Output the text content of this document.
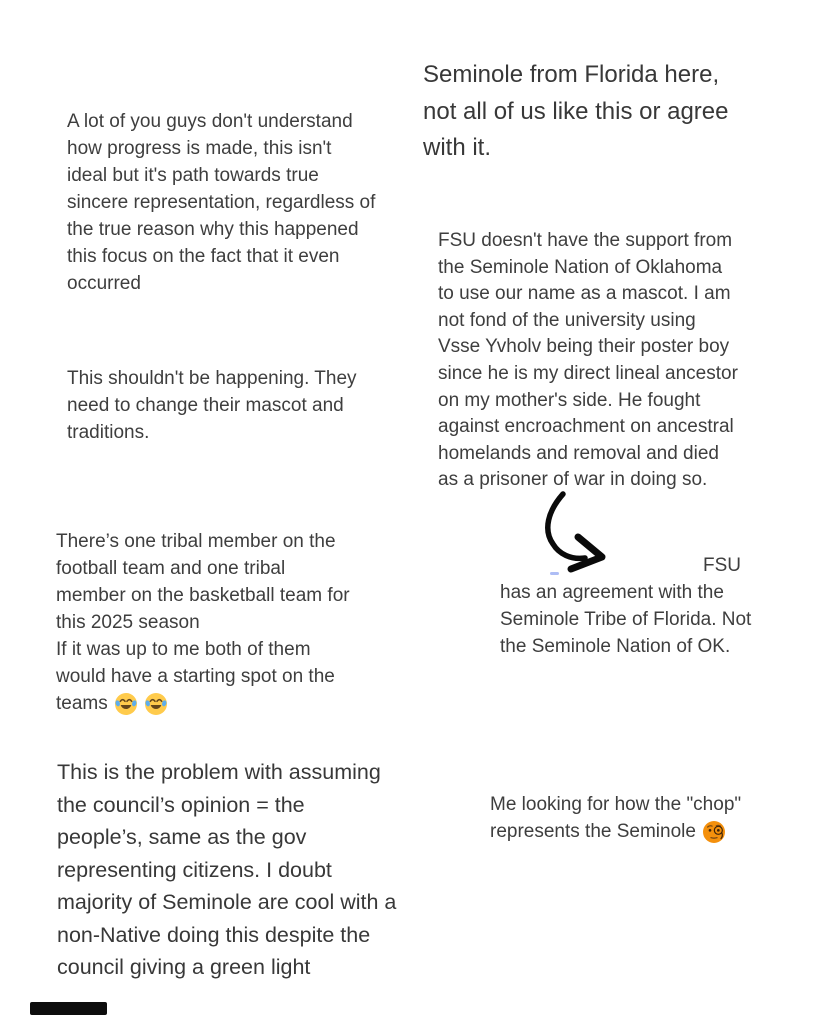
A lot of you guys don't understand
how progress is made, this isn't
ideal but it's path towards true
sincere representation, regardless of
the true reason why this happened
this focus on the fact that it even
occurred
This shouldn't be happening. They
need to change their mascot and
traditions.
There’s one tribal member on the
football team and one tribal
member on the basketball team for
this 2025 season
If it was up to me both of them
would have a starting spot on the
teams
This is the problem with assuming
the council’s opinion = the
people’s, same as the gov
representing citizens. I doubt
majority of Seminole are cool with a
non-Native doing this despite the
council giving a green light
Seminole from Florida here,
not all of us like this or agree
with it.
FSU doesn't have the support from
the Seminole Nation of Oklahoma
to use our name as a mascot. I am
not fond of the university using
Vsse Yvholv being their poster boy
since he is my direct lineal ancestor
on my mother's side. He fought
against encroachment on ancestral
homelands and removal and died
as a prisoner of war in doing so.
FSU
has an agreement with the
Seminole Tribe of Florida. Not
the Seminole Nation of OK.
Me looking for how the "chop"
represents the Seminole
